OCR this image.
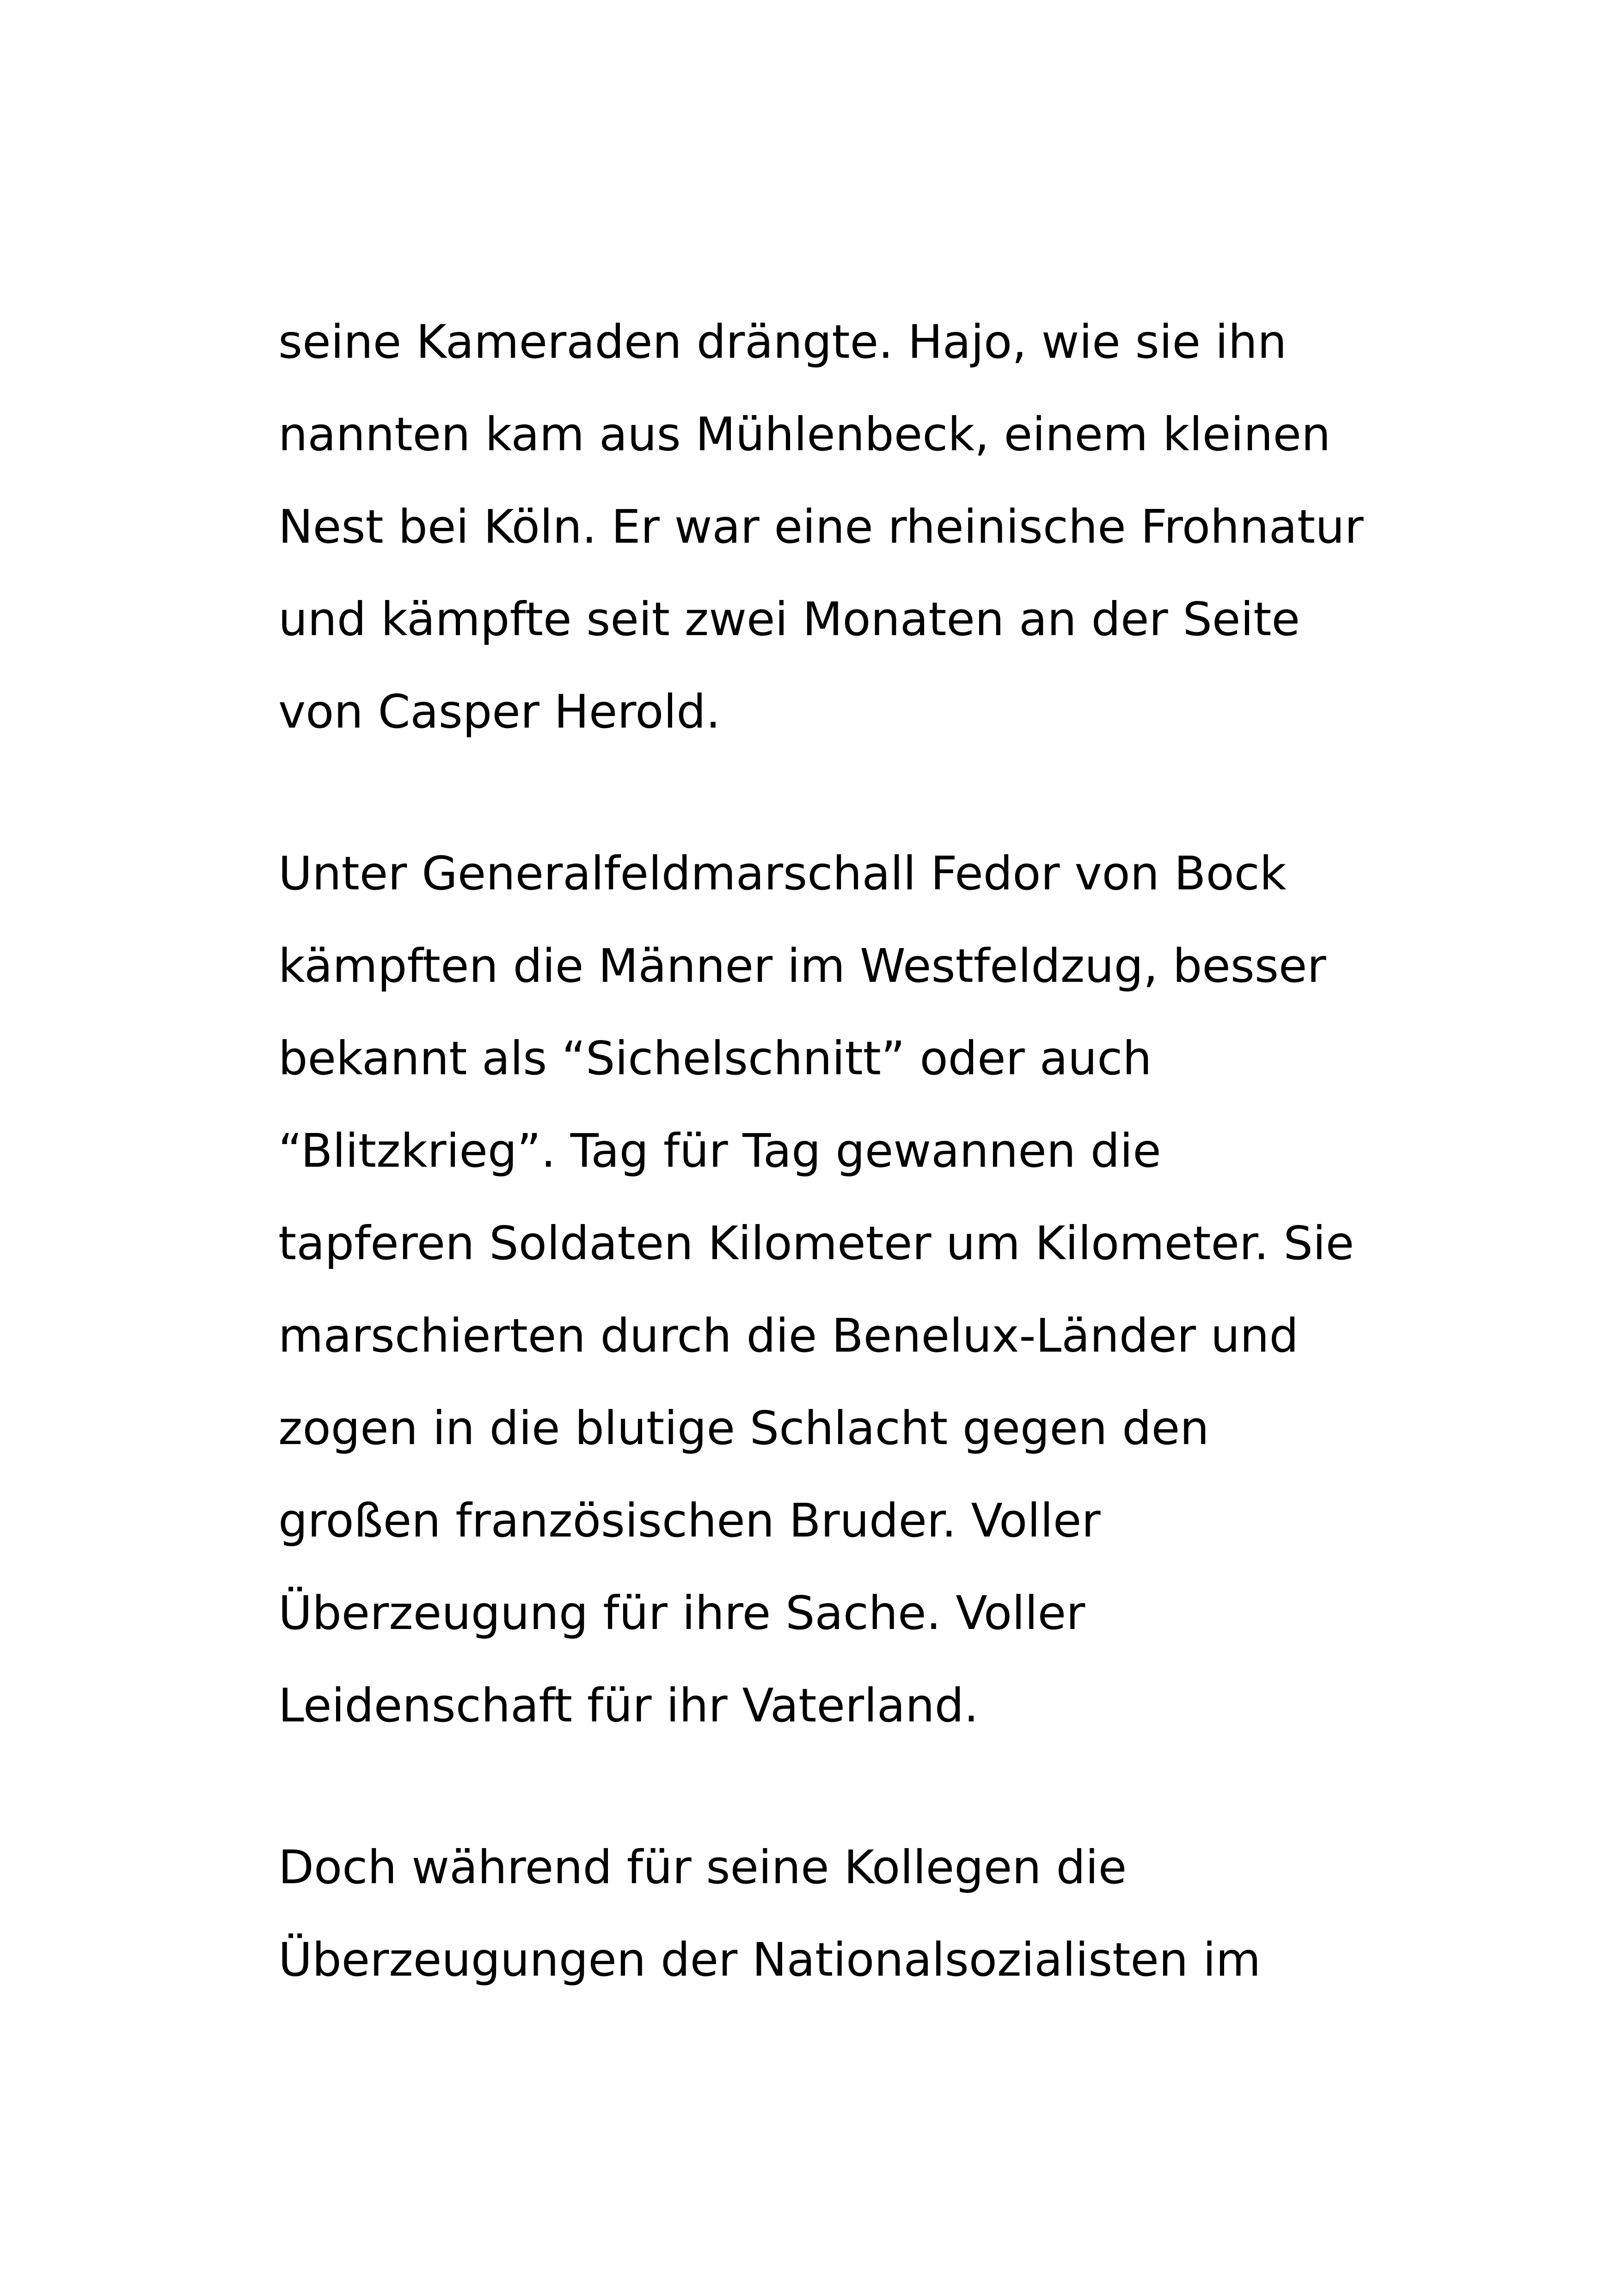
seine Kameraden drängte. Hajo, wie sie ihn
nannten kam aus Mühlenbeck, einem kleinen
Nest bei Köln. Er war eine rheinische Frohnatur
und kämpfte seit zwei Monaten an der Seite
von Casper Herold.

Unter Generalfeldmarschall Fedor von Bock
kämpften die Männer im Westfeldzug, besser
bekannt als “Sichelschnitt” oder auch
“Blitzkrieg”. Tag für Tag gewannen die
tapferen Soldaten Kilometer um Kilometer. Sie
marschierten durch die Benelux-Länder und
zogen in die blutige Schlacht gegen den
großen französischen Bruder. Voller
Überzeugung für ihre Sache. Voller
Leidenschaft für ihr Vaterland.

Doch während für seine Kollegen die
Überzeugungen der Nationalsozialisten im
